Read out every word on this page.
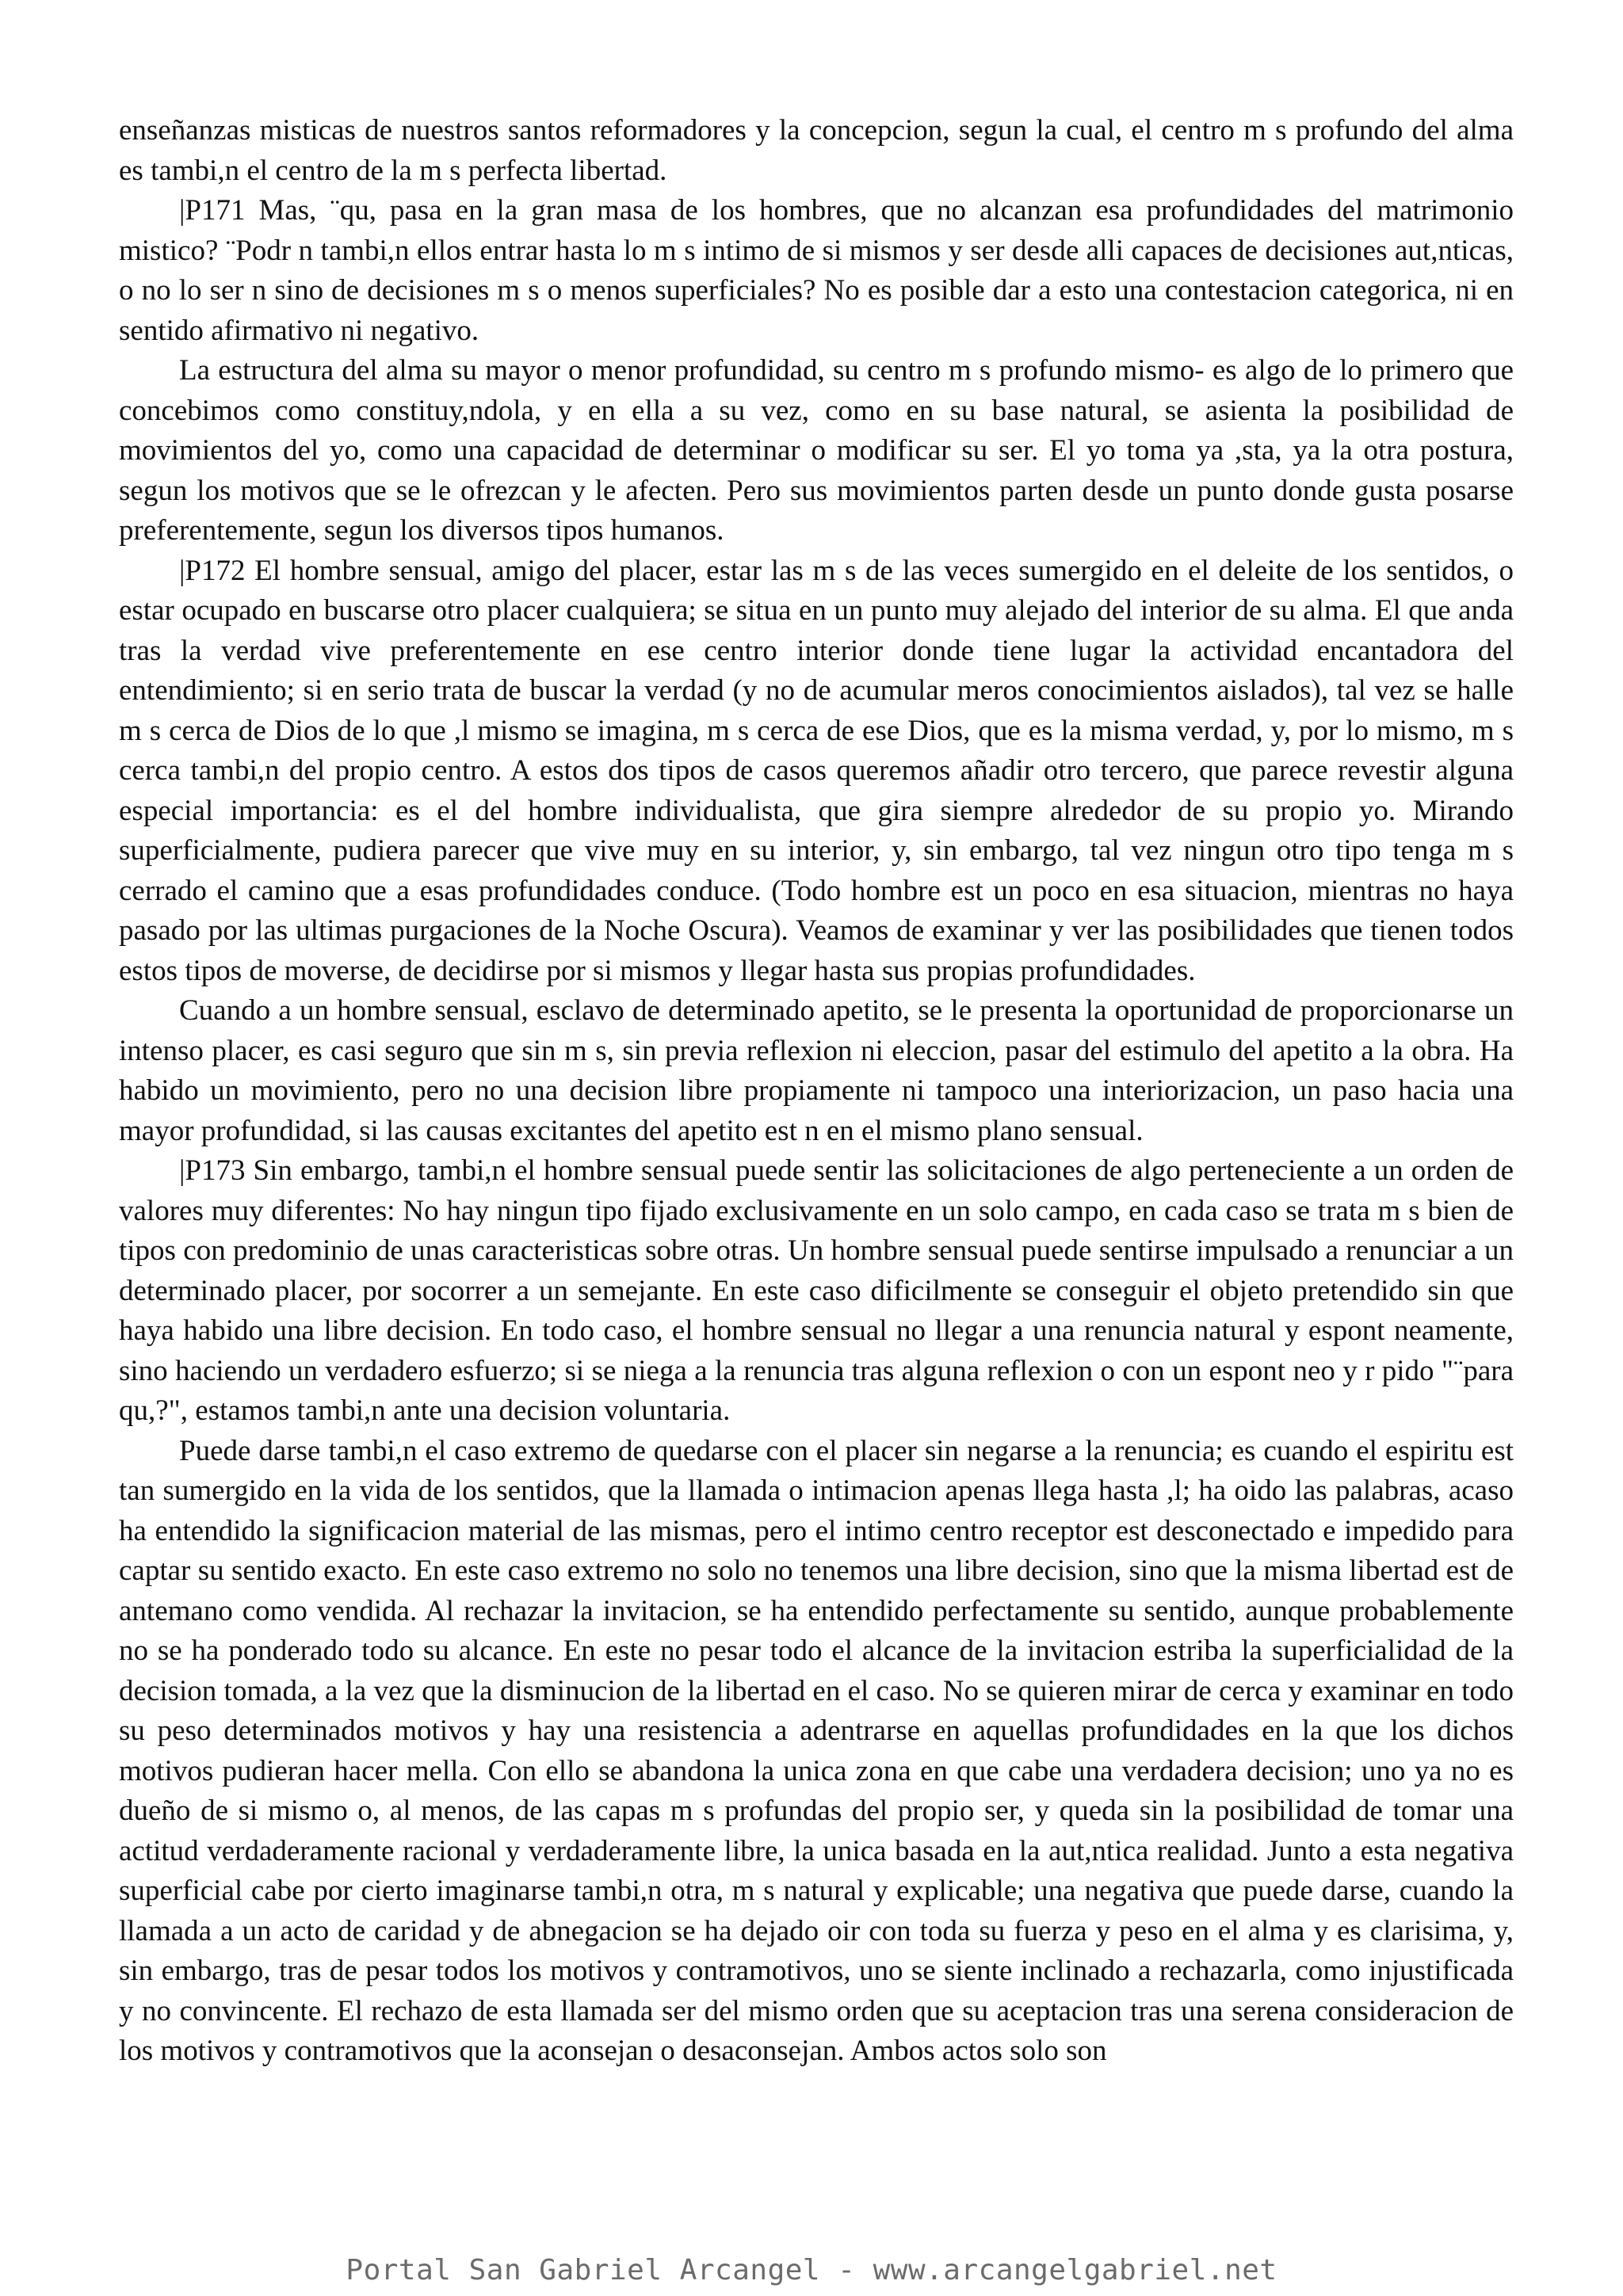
enseñanzas misticas de nuestros santos reformadores y la concepcion, segun la cual, el centro m s profundo del alma es tambi,n el centro de la m s perfecta libertad.

|P171 Mas, ¨qu, pasa en la gran masa de los hombres, que no alcanzan esa profundidades del matrimonio mistico? ¨Podr n tambi,n ellos entrar hasta lo m s intimo de si mismos y ser desde alli capaces de decisiones aut,nticas, o no lo ser n sino de decisiones m s o menos superficiales? No es posible dar a esto una contestacion categorica, ni en sentido afirmativo ni negativo.

La estructura del alma su mayor o menor profundidad, su centro m s profundo mismo- es algo de lo primero que concebimos como constituy,ndola, y en ella a su vez, como en su base natural, se asienta la posibilidad de movimientos del yo, como una capacidad de determinar o modificar su ser. El yo toma ya ,sta, ya la otra postura, segun los motivos que se le ofrezcan y le afecten. Pero sus movimientos parten desde un punto donde gusta posarse preferentemente, segun los diversos tipos humanos.

|P172 El hombre sensual, amigo del placer, estar las m s de las veces sumergido en el deleite de los sentidos, o estar ocupado en buscarse otro placer cualquiera; se situa en un punto muy alejado del interior de su alma. El que anda tras la verdad vive preferentemente en ese centro interior donde tiene lugar la actividad encantadora del entendimiento; si en serio trata de buscar la verdad (y no de acumular meros conocimientos aislados), tal vez se halle m s cerca de Dios de lo que ,l mismo se imagina, m s cerca de ese Dios, que es la misma verdad, y, por lo mismo, m s cerca tambi,n del propio centro. A estos dos tipos de casos queremos añadir otro tercero, que parece revestir alguna especial importancia: es el del hombre individualista, que gira siempre alrededor de su propio yo. Mirando superficialmente, pudiera parecer que vive muy en su interior, y, sin embargo, tal vez ningun otro tipo tenga m s cerrado el camino que a esas profundidades conduce. (Todo hombre est un poco en esa situacion, mientras no haya pasado por las ultimas purgaciones de la Noche Oscura). Veamos de examinar y ver las posibilidades que tienen todos estos tipos de moverse, de decidirse por si mismos y llegar hasta sus propias profundidades.

Cuando a un hombre sensual, esclavo de determinado apetito, se le presenta la oportunidad de proporcionarse un intenso placer, es casi seguro que sin m s, sin previa reflexion ni eleccion, pasar del estimulo del apetito a la obra. Ha habido un movimiento, pero no una decision libre propiamente ni tampoco una interiorizacion, un paso hacia una mayor profundidad, si las causas excitantes del apetito est n en el mismo plano sensual.

|P173 Sin embargo, tambi,n el hombre sensual puede sentir las solicitaciones de algo perteneciente a un orden de valores muy diferentes: No hay ningun tipo fijado exclusivamente en un solo campo, en cada caso se trata m s bien de tipos con predominio de unas caracteristicas sobre otras. Un hombre sensual puede sentirse impulsado a renunciar a un determinado placer, por socorrer a un semejante. En este caso dificilmente se conseguir el objeto pretendido sin que haya habido una libre decision. En todo caso, el hombre sensual no llegar a una renuncia natural y espont neamente, sino haciendo un verdadero esfuerzo; si se niega a la renuncia tras alguna reflexion o con un espont neo y r pido "¨para qu,?", estamos tambi,n ante una decision voluntaria.

Puede darse tambi,n el caso extremo de quedarse con el placer sin negarse a la renuncia; es cuando el espiritu est tan sumergido en la vida de los sentidos, que la llamada o intimacion apenas llega hasta ,l; ha oido las palabras, acaso ha entendido la significacion material de las mismas, pero el intimo centro receptor est desconectado e impedido para captar su sentido exacto. En este caso extremo no solo no tenemos una libre decision, sino que la misma libertad est de antemano como vendida. Al rechazar la invitacion, se ha entendido perfectamente su sentido, aunque probablemente no se ha ponderado todo su alcance. En este no pesar todo el alcance de la invitacion estriba la superficialidad de la decision tomada, a la vez que la disminucion de la libertad en el caso. No se quieren mirar de cerca y examinar en todo su peso determinados motivos y hay una resistencia a adentrarse en aquellas profundidades en la que los dichos motivos pudieran hacer mella. Con ello se abandona la unica zona en que cabe una verdadera decision; uno ya no es dueño de si mismo o, al menos, de las capas m s profundas del propio ser, y queda sin la posibilidad de tomar una actitud verdaderamente racional y verdaderamente libre, la unica basada en la aut,ntica realidad. Junto a esta negativa superficial cabe por cierto imaginarse tambi,n otra, m s natural y explicable; una negativa que puede darse, cuando la llamada a un acto de caridad y de abnegacion se ha dejado oir con toda su fuerza y peso en el alma y es clarisima, y, sin embargo, tras de pesar todos los motivos y contramotivos, uno se siente inclinado a rechazarla, como injustificada y no convincente. El rechazo de esta llamada ser del mismo orden que su aceptacion tras una serena consideracion de los motivos y contramotivos que la aconsejan o desaconsejan. Ambos actos solo son

Portal San Gabriel Arcangel - www.arcangelgabriel.net
